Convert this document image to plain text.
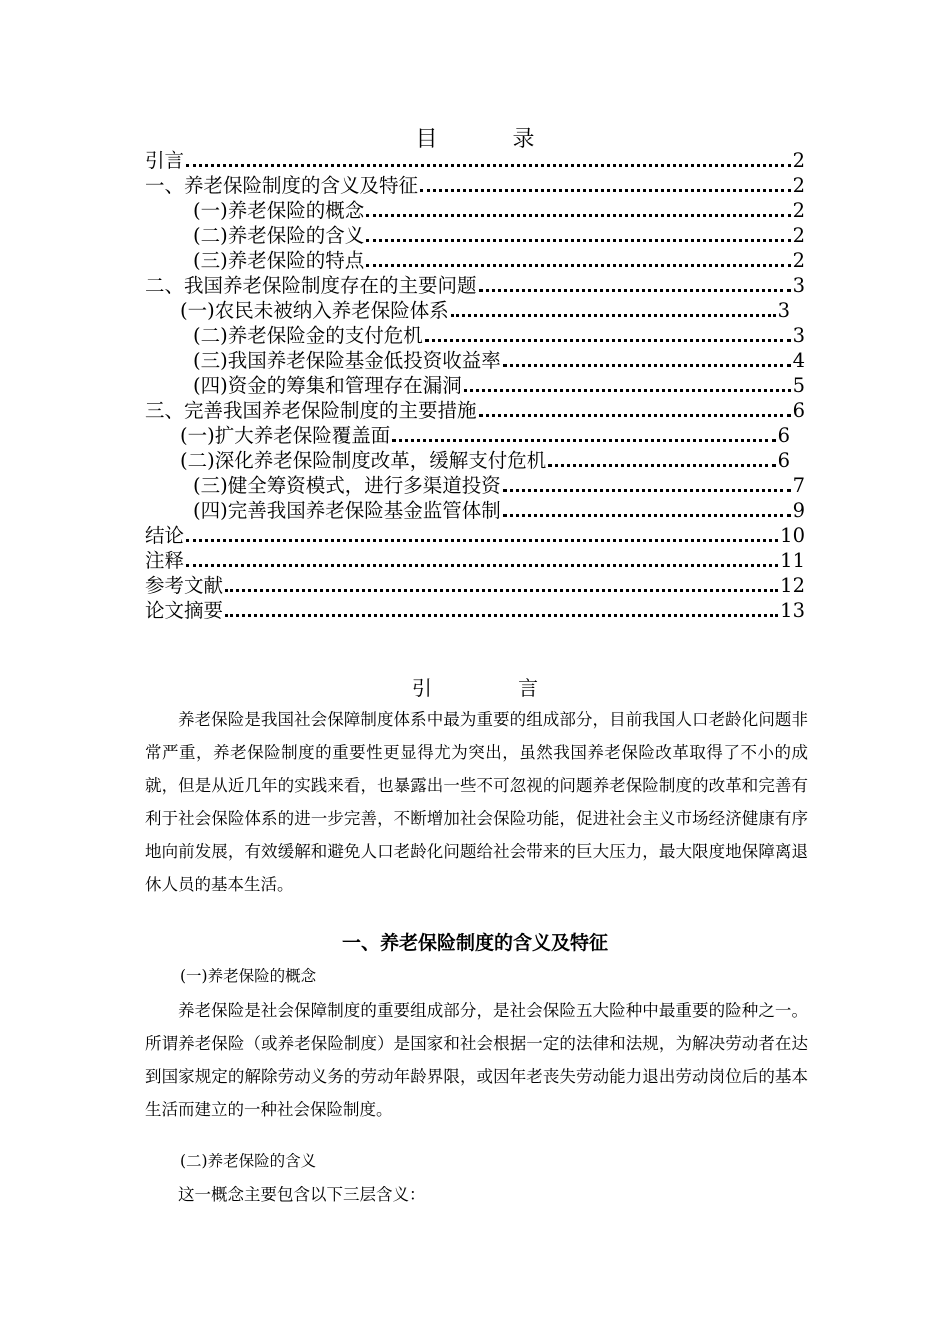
目 录
引言	2
一、养老保险制度的含义及特征	2
(一)养老保险的概念	2
(二)养老保险的含义	2
(三)养老保险的特点	2
二、我国养老保险制度存在的主要问题	3
(一)农民未被纳入养老保险体系	3
(二)养老保险金的支付危机	3
(三)我国养老保险基金低投资收益率	4
(四)资金的筹集和管理存在漏洞	5
三、完善我国养老保险制度的主要措施	6
(一)扩大养老保险覆盖面	6
(二)深化养老保险制度改革，缓解支付危机	6
(三)健全筹资模式，进行多渠道投资	7
(四)完善我国养老保险基金监管体制	9
结论	10
注释	11
参考文献	12
论文摘要	13
引 言

养老保险是我国社会保障制度体系中最为重要的组成部分，目前我国人口老龄化问题非常严重，养老保险制度的重要性更显得尤为突出，虽然我国养老保险改革取得了不小的成就，但是从近几年的实践来看，也暴露出一些不可忽视的问题养老保险制度的改革和完善有利于社会保险体系的进一步完善，不断增加社会保险功能，促进社会主义市场经济健康有序地向前发展，有效缓解和避免人口老龄化问题给社会带来的巨大压力，最大限度地保障离退休人员的基本生活。

一、养老保险制度的含义及特征
(一)养老保险的概念

养老保险是社会保障制度的重要组成部分，是社会保险五大险种中最重要的险种之一。所谓养老保险（或养老保险制度）是国家和社会根据一定的法律和法规，为解决劳动者在达到国家规定的解除劳动义务的劳动年龄界限，或因年老丧失劳动能力退出劳动岗位后的基本生活而建立的一种社会保险制度。

(二)养老保险的含义

这一概念主要包含以下三层含义：
